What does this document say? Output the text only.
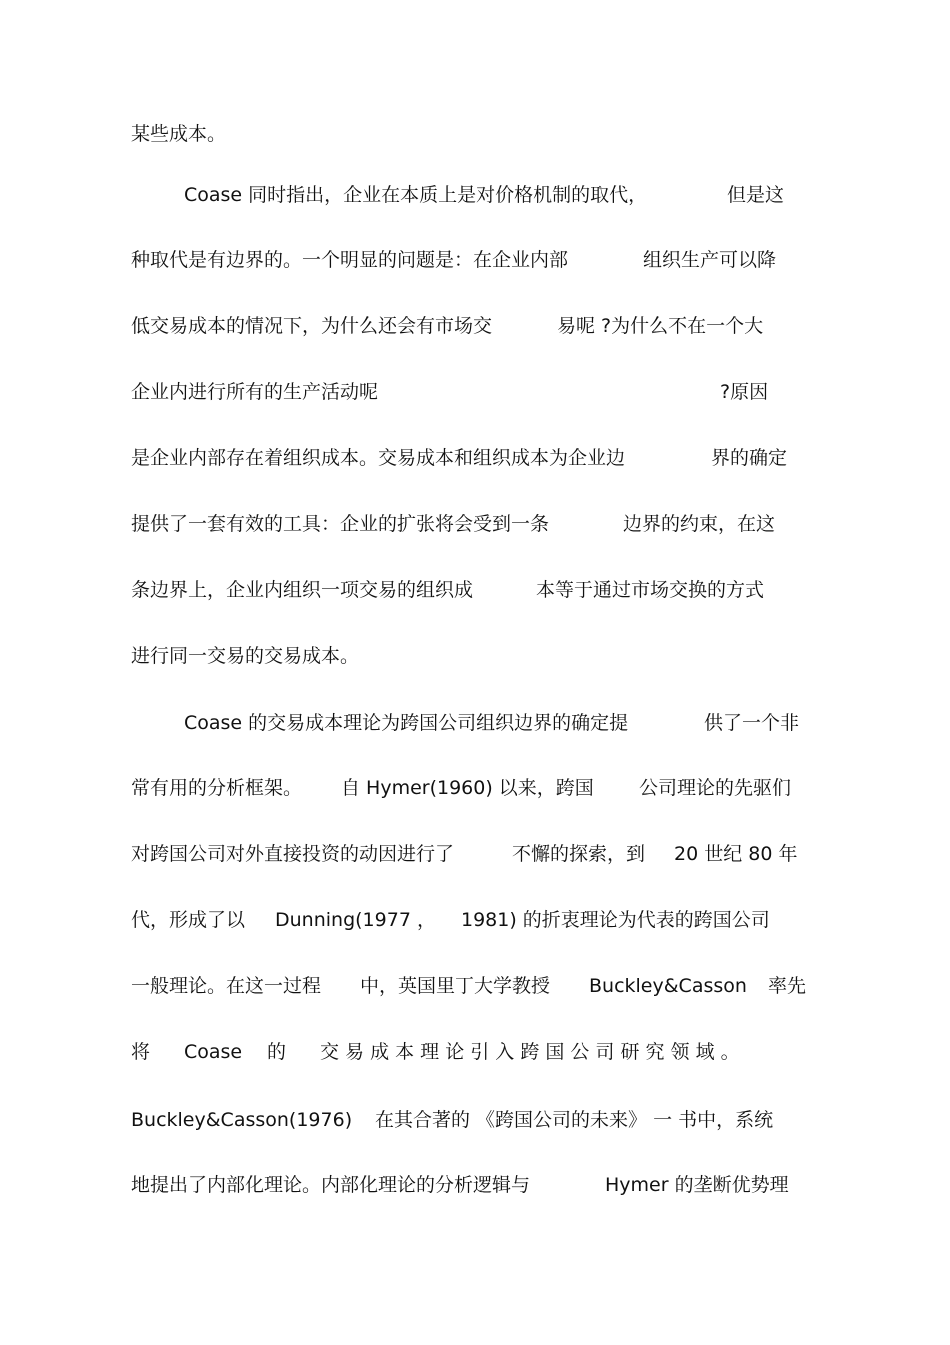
某些成本。
Coase 同时指出，企业在本质上是对价格机制的取代，	但是这
种取代是有边界的。一个明显的问题是：在企业内部	组织生产可以降
低交易成本的情况下，为什么还会有市场交	易呢 ?为什么不在一个大
企业内进行所有的生产活动呢	?原因
是企业内部存在着组织成本。交易成本和组织成本为企业边	界的确定
提供了一套有效的工具：企业的扩张将会受到一条	边界的约束，在这
条边界上，企业内组织一项交易的组织成	本等于通过市场交换的方式
进行同一交易的交易成本。
Coase 的交易成本理论为跨国公司组织边界的确定提	供了一个非
常有用的分析框架。 自 Hymer(1960) 以来，跨国 公司理论的先驱们
对跨国公司对外直接投资的动因进行了	不懈的探索，到 20 世纪 80 年
代，形成了以 Dunning(1977 ， 1981) 的折衷理论为代表的跨国公司
一般理论。在这一过程 中，英国里丁大学教授 Buckley&Casson 率先
将 Coase 的 交 易 成 本 理 论 引 入 跨 国 公 司 研 究 领 域 。
Buckley&Casson(1976) 在其合著的 《跨国公司的未来》 一 书中，系统
地提出了内部化理论。内部化理论的分析逻辑与	Hymer 的垄断优势理
